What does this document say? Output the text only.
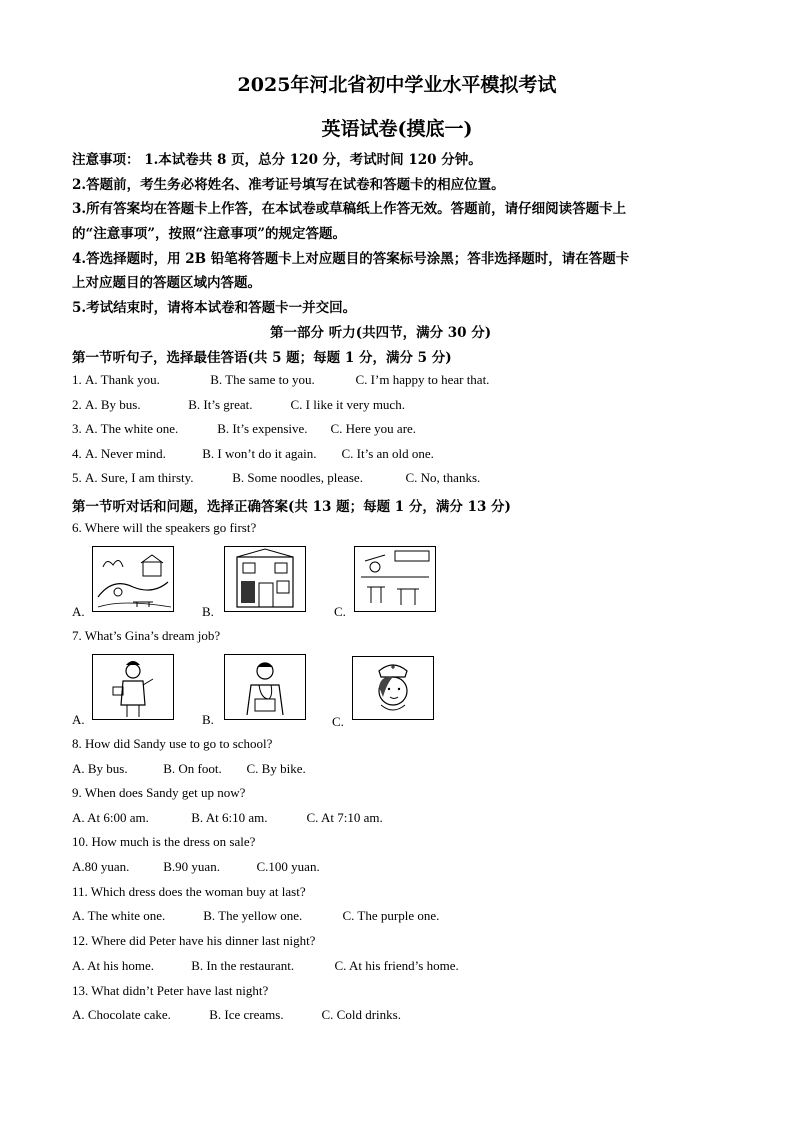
2025年河北省初中学业水平模拟考试
英语试卷(摸底一)
注意事项： 1.本试卷共 8 页，总分 120 分，考试时间 120 分钟。
2.答题前，考生务必将姓名、准考证号填写在试卷和答题卡的相应位置。
3.所有答案均在答题卡上作答，在本试卷或草稿纸上作答无效。答题前，请仔细阅读答题卡上
的“注意事项”，按照“注意事项”的规定答题。
4.答选择题时，用 2B 铅笔将答题卡上对应题目的答案标号涂黑；答非选择题时，请在答题卡
上对应题目的答题区域内答题。
5.考试结束时，请将本试卷和答题卡一并交回。
第一部分 听力(共四节，满分 30 分)
第一节听句子，选择最佳答语(共 5 题；每题 1 分，满分 5 分)
1. A. Thank you.	B. The same to you.	C. I’m happy to hear that.
2. A. By bus.	B. It’s great.	C. I like it very much.
3. A. The white one.	B. It’s expensive. C. Here you are.
4. A. Never mind.	B. I won’t do it again. C. It’s an old one.
5. A. Sure, I am thirsty.	B. Some noodles, please.	C. No, thanks.
第一节听对话和问题，选择正确答案(共 13 题；每题 1 分，满分 13 分)
6. Where will the speakers go first?
A.	B.	C.
7. What’s Gina’s dream job?
A.	B.	C.
8. How did Sandy use to go to school?
A. By bus.	B. On foot. C. By bike.
9. When does Sandy get up now?
A. At 6:00 am.	B. At 6:10 am.	C. At 7:10 am.
10. How much is the dress on sale?
A.80 yuan.	B.90 yuan.	C.100 yuan.
11. Which dress does the woman buy at last?
A. The white one.	B. The yellow one.	C. The purple one.
12. Where did Peter have his dinner last night?
A. At his home.	B. In the restaurant.	C. At his friend’s home.
13. What didn’t Peter have last night?
A. Chocolate cake.	B. Ice creams.	C. Cold drinks.
